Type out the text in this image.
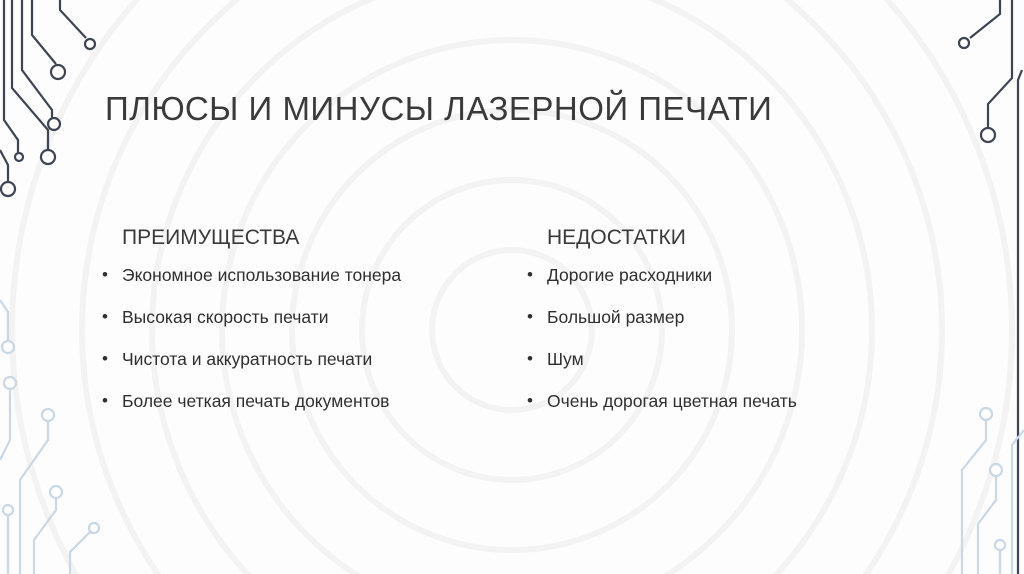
ПЛЮСЫ И МИНУСЫ ЛАЗЕРНОЙ ПЕЧАТИ
ПРЕИМУЩЕСТВА
• Экономное использование тонера
• Высокая скорость печати
• Чистота и аккуратность печати
• Более четкая печать документов
НЕДОСТАТКИ
• Дорогие расходники
• Большой размер
• Шум
• Очень дорогая цветная печать
